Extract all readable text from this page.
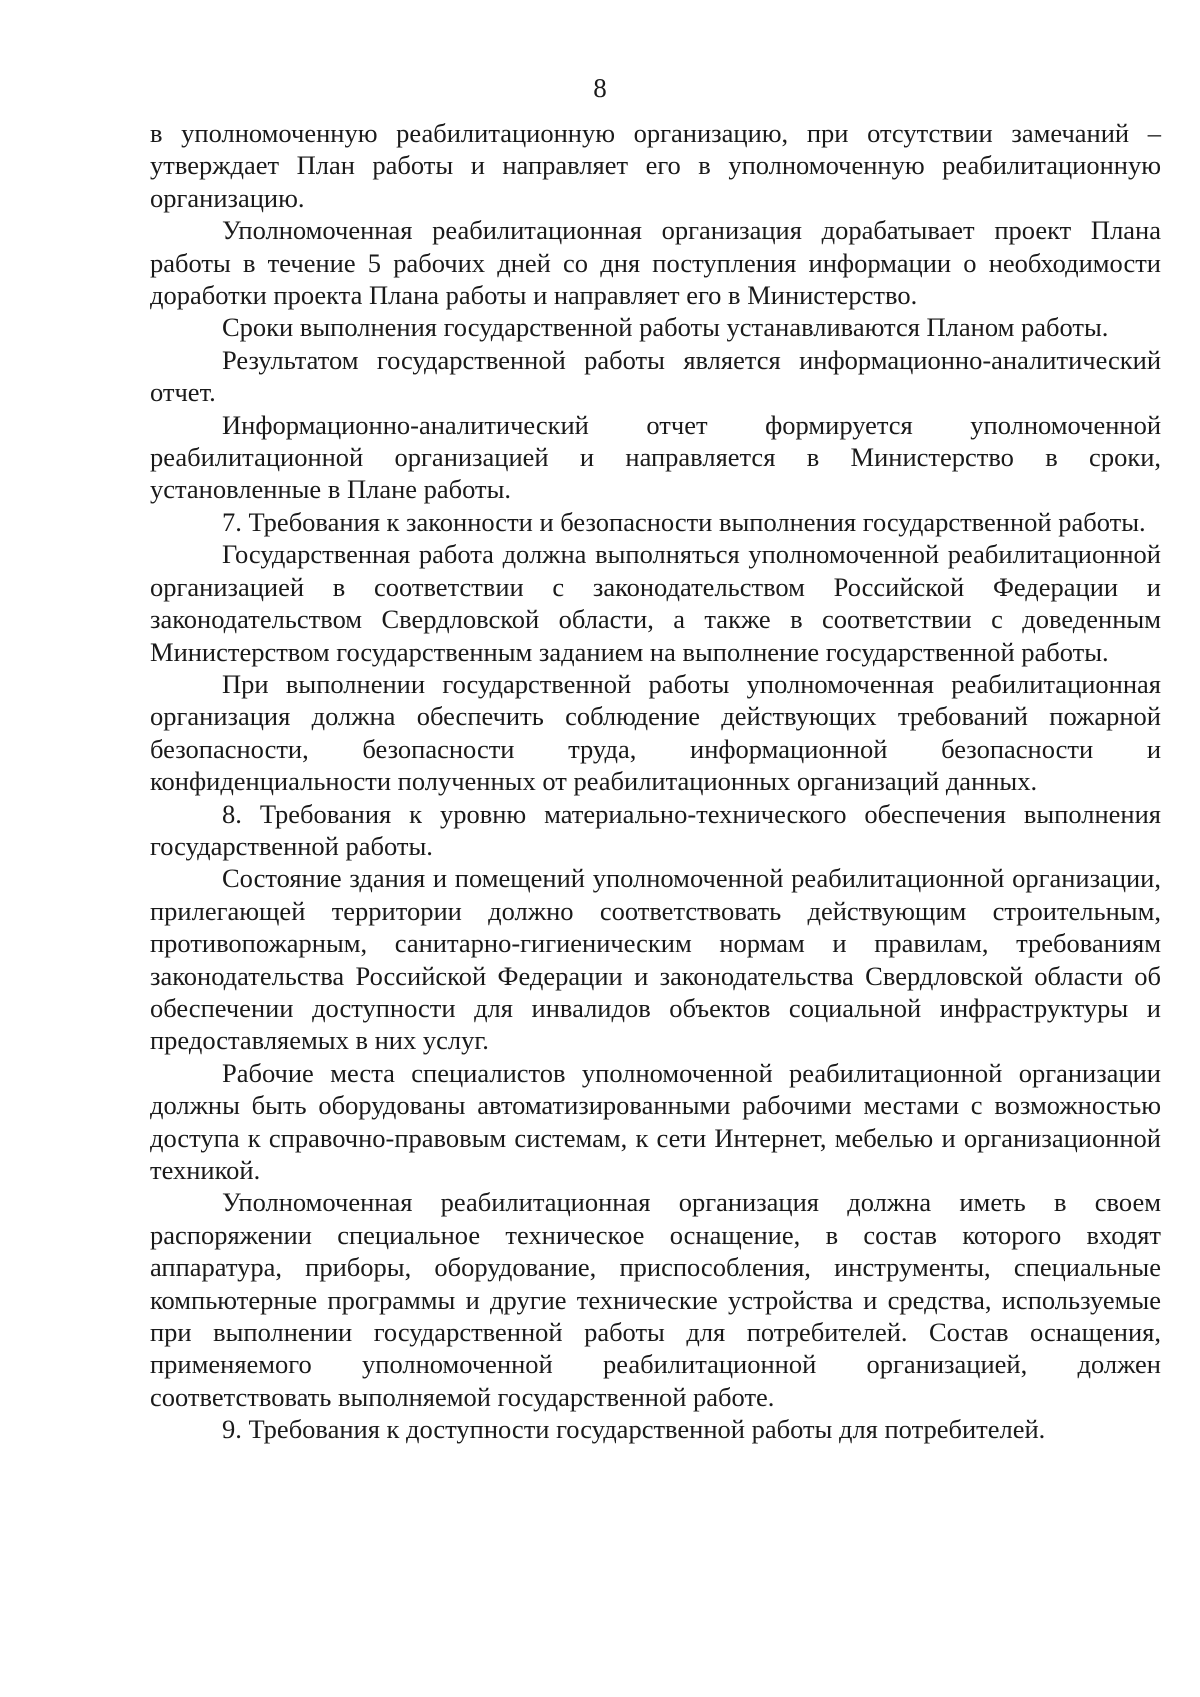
8

в уполномоченную реабилитационную организацию, при отсутствии замечаний – утверждает План работы и направляет его в уполномоченную реабилитационную организацию.

Уполномоченная реабилитационная организация дорабатывает проект Плана работы в течение 5 рабочих дней со дня поступления информации о необходимости доработки проекта Плана работы и направляет его в Министерство.

Сроки выполнения государственной работы устанавливаются Планом работы.

Результатом государственной работы является информационно-аналитический отчет.

Информационно-аналитический отчет формируется уполномоченной реабилитационной организацией и направляется в Министерство в сроки, установленные в Плане работы.

7. Требования к законности и безопасности выполнения государственной работы.

Государственная работа должна выполняться уполномоченной реабилитационной организацией в соответствии с законодательством Российской Федерации и законодательством Свердловской области, а также в соответствии с доведенным Министерством государственным заданием на выполнение государственной работы.

При выполнении государственной работы уполномоченная реабилитационная организация должна обеспечить соблюдение действующих требований пожарной безопасности, безопасности труда, информационной безопасности и конфиденциальности полученных от реабилитационных организаций данных.

8. Требования к уровню материально-технического обеспечения выполнения государственной работы.

Состояние здания и помещений уполномоченной реабилитационной организации, прилегающей территории должно соответствовать действующим строительным, противопожарным, санитарно-гигиеническим нормам и правилам, требованиям законодательства Российской Федерации и законодательства Свердловской области об обеспечении доступности для инвалидов объектов социальной инфраструктуры и предоставляемых в них услуг.

Рабочие места специалистов уполномоченной реабилитационной организации должны быть оборудованы автоматизированными рабочими местами с возможностью доступа к справочно-правовым системам, к сети Интернет, мебелью и организационной техникой.

Уполномоченная реабилитационная организация должна иметь в своем распоряжении специальное техническое оснащение, в состав которого входят аппаратура, приборы, оборудование, приспособления, инструменты, специальные компьютерные программы и другие технические устройства и средства, используемые при выполнении государственной работы для потребителей. Состав оснащения, применяемого уполномоченной реабилитационной организацией, должен соответствовать выполняемой государственной работе.

9. Требования к доступности государственной работы для потребителей.
